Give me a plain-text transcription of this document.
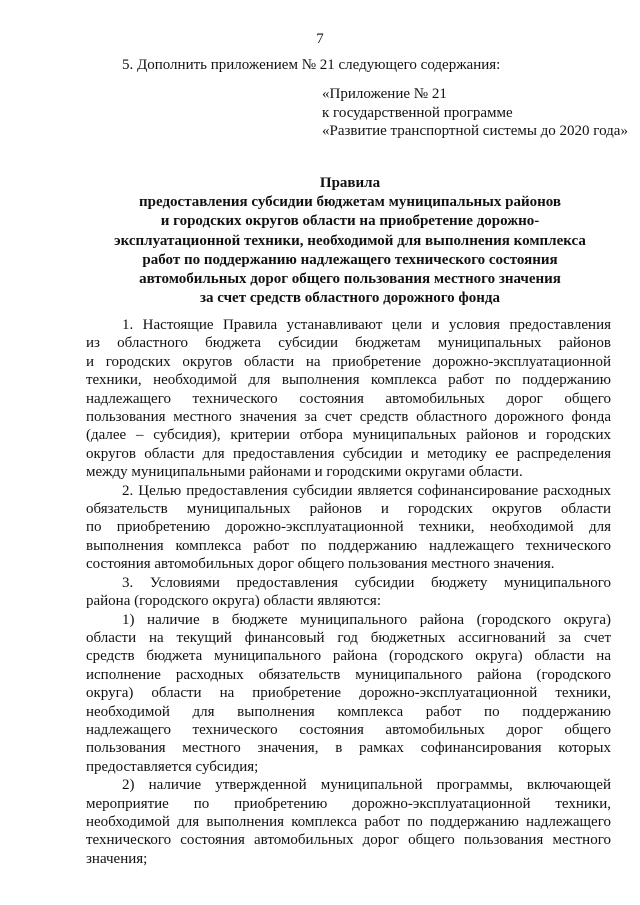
7
5. Дополнить приложением № 21 следующего содержания:
«Приложение № 21
к государственной программе
«Развитие транспортной системы до 2020 года»
Правила
предоставления субсидии бюджетам муниципальных районов
и городских округов области на приобретение дорожно-
эксплуатационной техники, необходимой для выполнения комплекса
работ по поддержанию надлежащего технического состояния
автомобильных дорог общего пользования местного значения
за счет средств областного дорожного фонда
1. Настоящие Правила устанавливают цели и условия предоставления
из областного бюджета субсидии бюджетам муниципальных районов
и городских округов области на приобретение дорожно-эксплуатационной
техники, необходимой для выполнения комплекса работ по поддержанию
надлежащего технического состояния автомобильных дорог общего
пользования местного значения за счет средств областного дорожного фонда
(далее – субсидия), критерии отбора муниципальных районов и городских
округов области для предоставления субсидии и методику ее распределения
между муниципальными районами и городскими округами области.
2. Целью предоставления субсидии является софинансирование расходных
обязательств муниципальных районов и городских округов области
по приобретению дорожно-эксплуатационной техники, необходимой для
выполнения комплекса работ по поддержанию надлежащего технического
состояния автомобильных дорог общего пользования местного значения.
3. Условиями предоставления субсидии бюджету муниципального
района (городского округа) области являются:
1) наличие в бюджете муниципального района (городского округа)
области на текущий финансовый год бюджетных ассигнований за счет
средств бюджета муниципального района (городского округа) области на
исполнение расходных обязательств муниципального района (городского
округа) области на приобретение дорожно-эксплуатационной техники,
необходимой для выполнения комплекса работ по поддержанию
надлежащего технического состояния автомобильных дорог общего
пользования местного значения, в рамках софинансирования которых
предоставляется субсидия;
2) наличие утвержденной муниципальной программы, включающей
мероприятие по приобретению дорожно-эксплуатационной техники,
необходимой для выполнения комплекса работ по поддержанию надлежащего
технического состояния автомобильных дорог общего пользования местного
значения;
